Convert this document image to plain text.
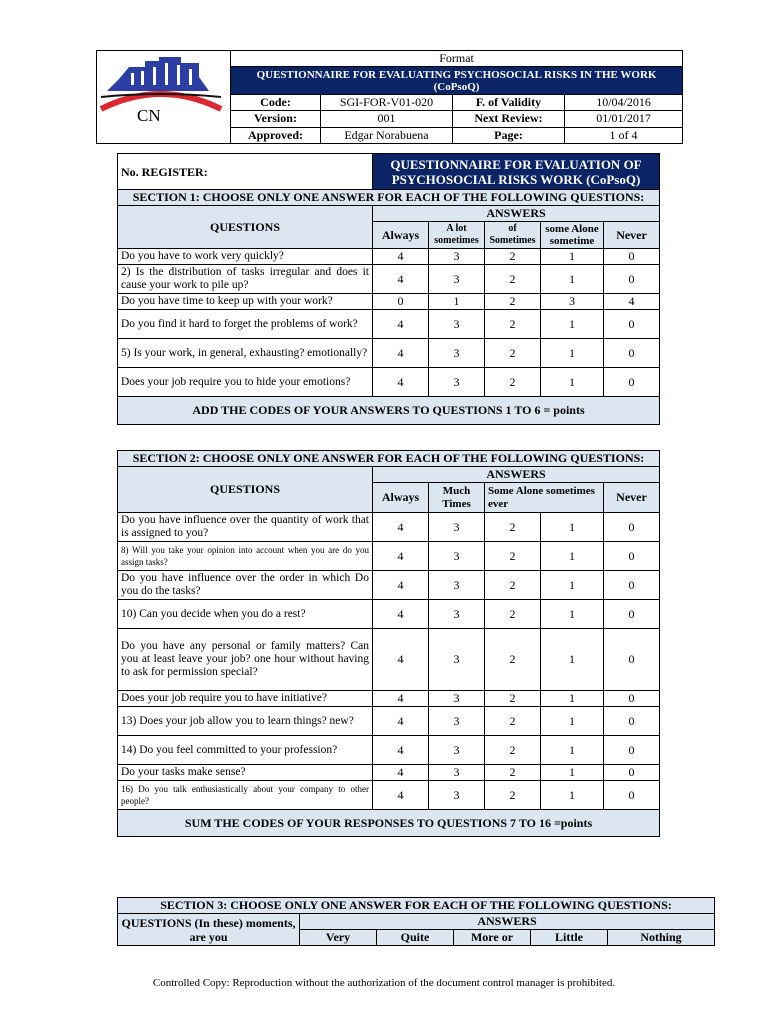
CN	Format			
	QUESTIONNAIRE FOR EVALUATING PSYCHOSOCIAL RISKS IN THE WORK (CoPsoQ)			
	Code:	SGI-FOR-V01-020	F. of Validity	10/04/2016
	Version:	001	Next Review:	01/01/2017
	Approved:	Edgar Norabuena	Page:	1 of 4
No. REGISTER:	QUESTIONNAIRE FOR EVALUATION OF PSYCHOSOCIAL RISKS WORK (CoPsoQ)				
SECTION 1: CHOOSE ONLY ONE ANSWER FOR EACH OF THE FOLLOWING QUESTIONS:					
QUESTIONS	ANSWERS				
	Always	A lot sometimes	of Sometimes	some Alone sometime	Never
Do you have to work very quickly?	4	3	2	1	0
2) Is the distribution of tasks irregular and does it cause your work to pile up?	4	3	2	1	0
Do you have time to keep up with your work?	0	1	2	3	4
Do you find it hard to forget the problems of work?	4	3	2	1	0
5) Is your work, in general, exhausting? emotionally?	4	3	2	1	0
Does your job require you to hide your emotions?	4	3	2	1	0
ADD THE CODES OF YOUR ANSWERS TO QUESTIONS 1 TO 6 = points					
SECTION 2: CHOOSE ONLY ONE ANSWER FOR EACH OF THE FOLLOWING QUESTIONS:					
QUESTIONS	ANSWERS				
	Always	Much Times	Some Alone sometimes ever		Never
Do you have influence over the quantity of work that is assigned to you?	4	3	2	1	0
8) Will you take your opinion into account when you are do you assign tasks?	4	3	2	1	0
Do you have influence over the order in which Do you do the tasks?	4	3	2	1	0
10) Can you decide when you do a rest?	4	3	2	1	0
Do you have any personal or family matters? Can you at least leave your job? one hour without having to ask for permission special?	4	3	2	1	0
Does your job require you to have initiative?	4	3	2	1	0
13) Does your job allow you to learn things? new?	4	3	2	1	0
14) Do you feel committed to your profession?	4	3	2	1	0
Do your tasks make sense?	4	3	2	1	0
16) Do you talk enthusiastically about your company to other people?	4	3	2	1	0
SUM THE CODES OF YOUR RESPONSES TO QUESTIONS 7 TO 16 =points					
SECTION 3: CHOOSE ONLY ONE ANSWER FOR EACH OF THE FOLLOWING QUESTIONS:					
QUESTIONS (In these) moments, are you	ANSWERS				
	Very	Quite	More or	Little	Nothing
Controlled Copy: Reproduction without the authorization of the document control manager is prohibited.
